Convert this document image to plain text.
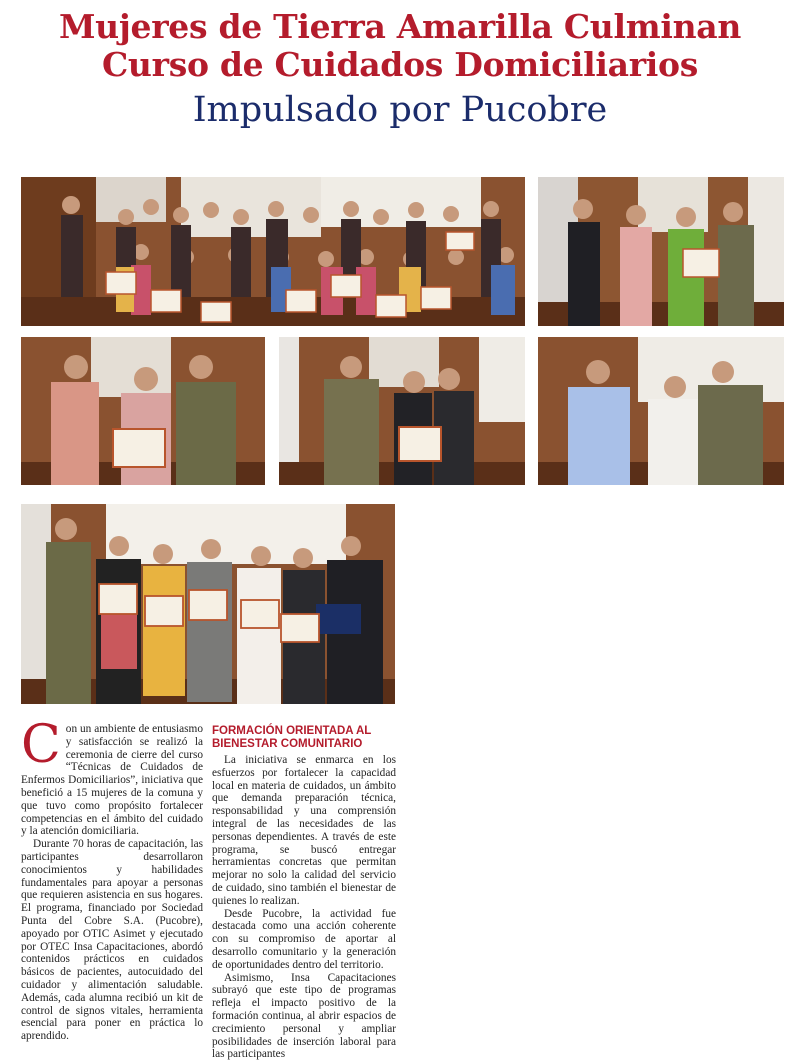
Mujeres de Tierra Amarilla Culminan
Curso de Cuidados Domiciliarios
Impulsado por Pucobre

Con un ambiente de entusiasmo y satisfacción se realizó la ceremonia de cierre del curso “Técnicas de Cuidados de Enfermos Domiciliarios”, iniciativa que benefició a 15 mujeres de la comuna y que tuvo como propósito fortalecer competencias en el ámbito del cuidado y la atención domiciliaria.

Durante 70 horas de capacitación, las participantes desarrollaron conocimientos y habilidades fundamentales para apoyar a personas que requieren asistencia en sus hogares. El programa, financiado por Sociedad Punta del Cobre S.A. (Pucobre), apoyado por OTIC Asimet y ejecutado por OTEC Insa Capacitaciones, abordó contenidos prácticos en cuidados básicos de pacientes, autocuidado del cuidador y alimentación saludable. Además, cada alumna recibió un kit de control de signos vitales, herramienta esencial para poner en práctica lo aprendido.

FORMACIÓN ORIENTADA AL BIENESTAR COMUNITARIO

La iniciativa se enmarca en los esfuerzos por fortalecer la capacidad local en materia de cuidados, un ámbito que demanda preparación técnica, responsabilidad y una comprensión integral de las necesidades de las personas dependientes. A través de este programa, se buscó entregar herramientas concretas que permitan mejorar no solo la calidad del servicio de cuidado, sino también el bienestar de quienes lo realizan.

Desde Pucobre, la actividad fue destacada como una acción coherente con su compromiso de aportar al desarrollo comunitario y la generación de oportunidades dentro del territorio.

Asimismo, Insa Capacitaciones subrayó que este tipo de programas refleja el impacto positivo de la formación continua, al abrir espacios de crecimiento personal y ampliar posibilidades de inserción laboral para las participantes
